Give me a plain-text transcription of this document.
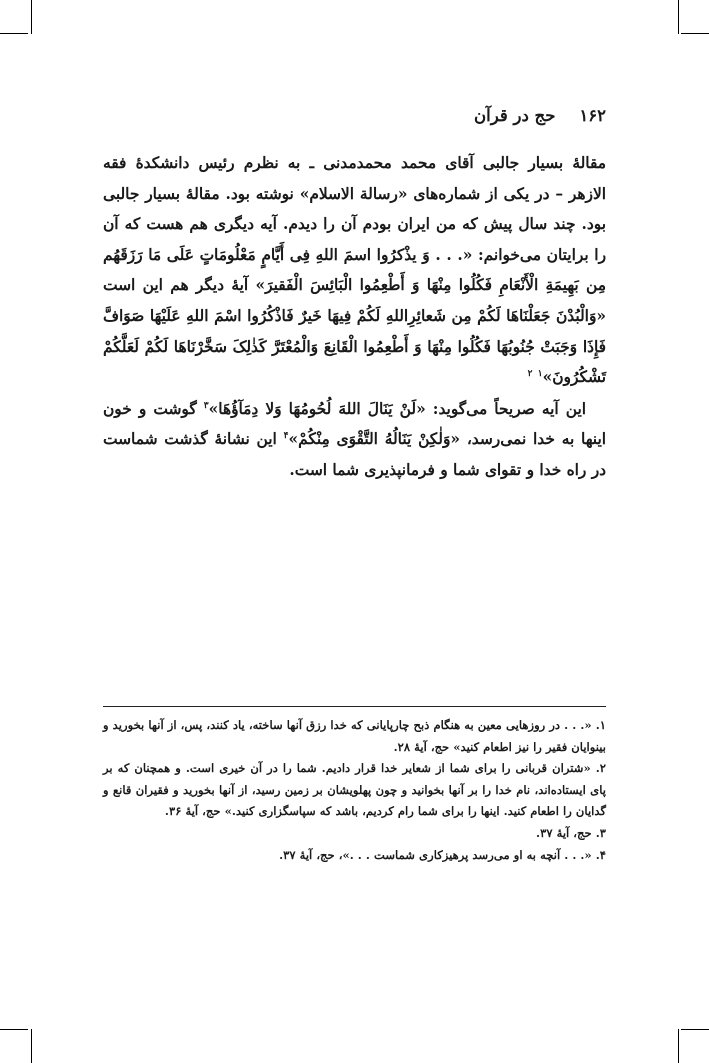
۱۶۲
حج در قرآن

مقالهٔ بسیار جالبی آقای محمد محمدمدنی ـ به نظرم رئیس دانشکدهٔ فقه الازهر – در یکی از شماره‌های «رسالة الاسلام» نوشته بود. مقالهٔ بسیار جالبی بود. چند سال پیش که من ایران بودم آن را دیدم. آیه دیگری هم هست که آن را برایتان می‌خوانم: «. . . وَ یذْکرُوا اسمَ اللهِ فِی أَیَّامٍ مَعْلُومَاتٍ عَلَی مَا رَزَقَهُم مِن بَهِیمَةِ الْأَنْعَامِ فَکُلُوا مِنْهَا وَ أَطْعِمُوا الْبَائِسَ الْفَقیرَ» آیهٔ دیگر هم این است «وَالْبُدْنَ جَعَلْنَاهَا لَکُمْ مِن شَعائِرِاللهِ لَکُمْ فِیهَا خَیرٌ فَاذْکُرُوا اسْمَ اللهِ عَلَیْهَا صَوَافَّ فَإِذَا وَجَبَتْ جُنُوبُهَا فَکُلُوا مِنْهَا وَ أَطْعِمُوا الْقَانِعَ وَالْمُعْتَرَّ کَذٰلِکَ سَخَّرْنَاهَا لَکُمْ لَعَلَّکُمْ تَشْکُرُونَ»$^۱$ $^۲$

این آیه صریحاً می‌گوید: «لَنْ یَنَالَ اللهَ لُحُومُهَا وَلا دِمَآؤُهَا»$^۳$ گوشت و خون اینها به خدا نمی‌رسد، «وَلٰکِنْ یَنَالُهُ التَّقْوَی مِنْکُمْ»$^۴$ این نشانهٔ گذشت شماست در راه خدا و تقوای شما و فرمانپذیری شما است.

۱. «. . . در روزهایی معین به هنگام ذبح چارپایانی که خدا رزق آنها ساخته، یاد کنند، پس، از آنها بخورید و بینوایان فقیر را نیز اطعام کنید» حج، آیهٔ ۲۸.

۲. «شتران قربانی را برای شما از شعایر خدا قرار دادیم. شما را در آن خیری است. و همچنان که بر پای ایستاده‌اند، نام خدا را بر آنها بخوانید و چون پهلویشان بر زمین رسید، از آنها بخورید و فقیران قانع و گدایان را اطعام کنید. اینها را برای شما رام کردیم، باشد که سپاسگزاری کنید.» حج، آیهٔ ۳۶.

۳. حج، آیهٔ ۳۷.

۴. «. . . آنچه به او می‌رسد پرهیزکاری شماست . . .»، حج، آیهٔ ۳۷.
